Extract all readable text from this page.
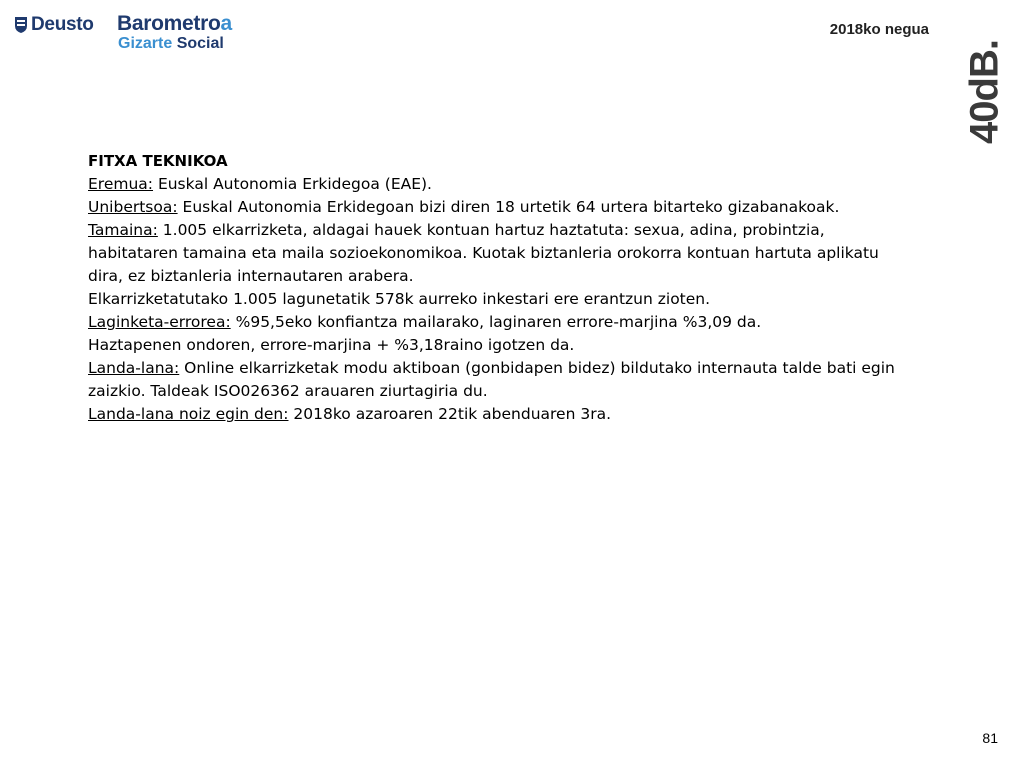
Deusto Barometroa
Gizarte Social
2018ko negua
40dB.

FITXA TEKNIKOA

Eremua: Euskal Autonomia Erkidegoa (EAE).

Unibertsoa: Euskal Autonomia Erkidegoan bizi diren 18 urtetik 64 urtera bitarteko gizabanakoak.

Tamaina: 1.005 elkarrizketa, aldagai hauek kontuan hartuz haztatuta: sexua, adina, probintzia, habitataren tamaina eta maila sozioekonomikoa. Kuotak biztanleria orokorra kontuan hartuta aplikatu dira, ez biztanleria internautaren arabera.

Elkarrizketatutako 1.005 lagunetatik 578k aurreko inkestari ere erantzun zioten.

Laginketa-errorea: %95,5eko konfiantza mailarako, laginaren errore-marjina %3,09 da.

Haztapenen ondoren, errore-marjina + %3,18raino igotzen da.

Landa-lana: Online elkarrizketak modu aktiboan (gonbidapen bidez) bildutako internauta talde bati egin zaizkio. Taldeak ISO026362 arauaren ziurtagiria du.

Landa-lana noiz egin den: 2018ko azaroaren 22tik abenduaren 3ra.

81
